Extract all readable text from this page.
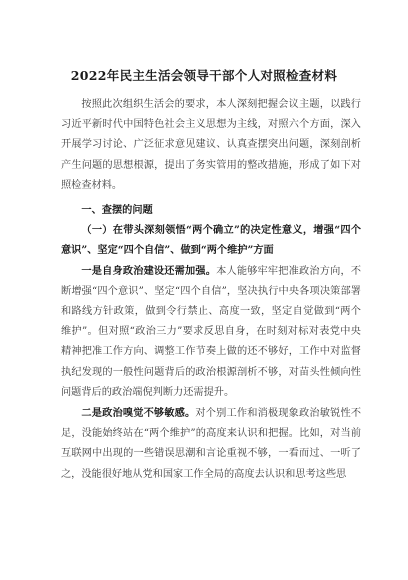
2022年民主生活会领导干部个人对照检查材料

按照此次组织生活会的要求，本人深刻把握会议主题，以践行习近平新时代中国特色社会主义思想为主线，对照六个方面，深入开展学习讨论、广泛征求意见建议、认真查摆突出问题，深刻剖析产生问题的思想根源，提出了务实管用的整改措施，形成了如下对照检查材料。

一、查摆的问题

（一）在带头深刻领悟“两个确立”的决定性意义，增强“四个意识”、坚定“四个自信”、做到“两个维护”方面

一是自身政治建设还需加强。本人能够牢牢把准政治方向，不断增强“四个意识”、坚定“四个自信”，坚决执行中央各项决策部署和路线方针政策，做到令行禁止、高度一致，坚定自觉做到“两个维护”。但对照“政治三力”要求反思自身，在时刻对标对表党中央精神把准工作方向、调整工作节奏上做的还不够好，工作中对监督执纪发现的一般性问题背后的政治根源剖析不够，对苗头性倾向性问题背后的政治端倪判断力还需提升。

二是政治嗅觉不够敏感。对个别工作和消极现象政治敏锐性不足，没能始终站在“两个维护”的高度来认识和把握。比如，对当前互联网中出现的一些错误思潮和言论重视不够，一看而过、一听了之，没能很好地从党和国家工作全局的高度去认识和思考这些思
